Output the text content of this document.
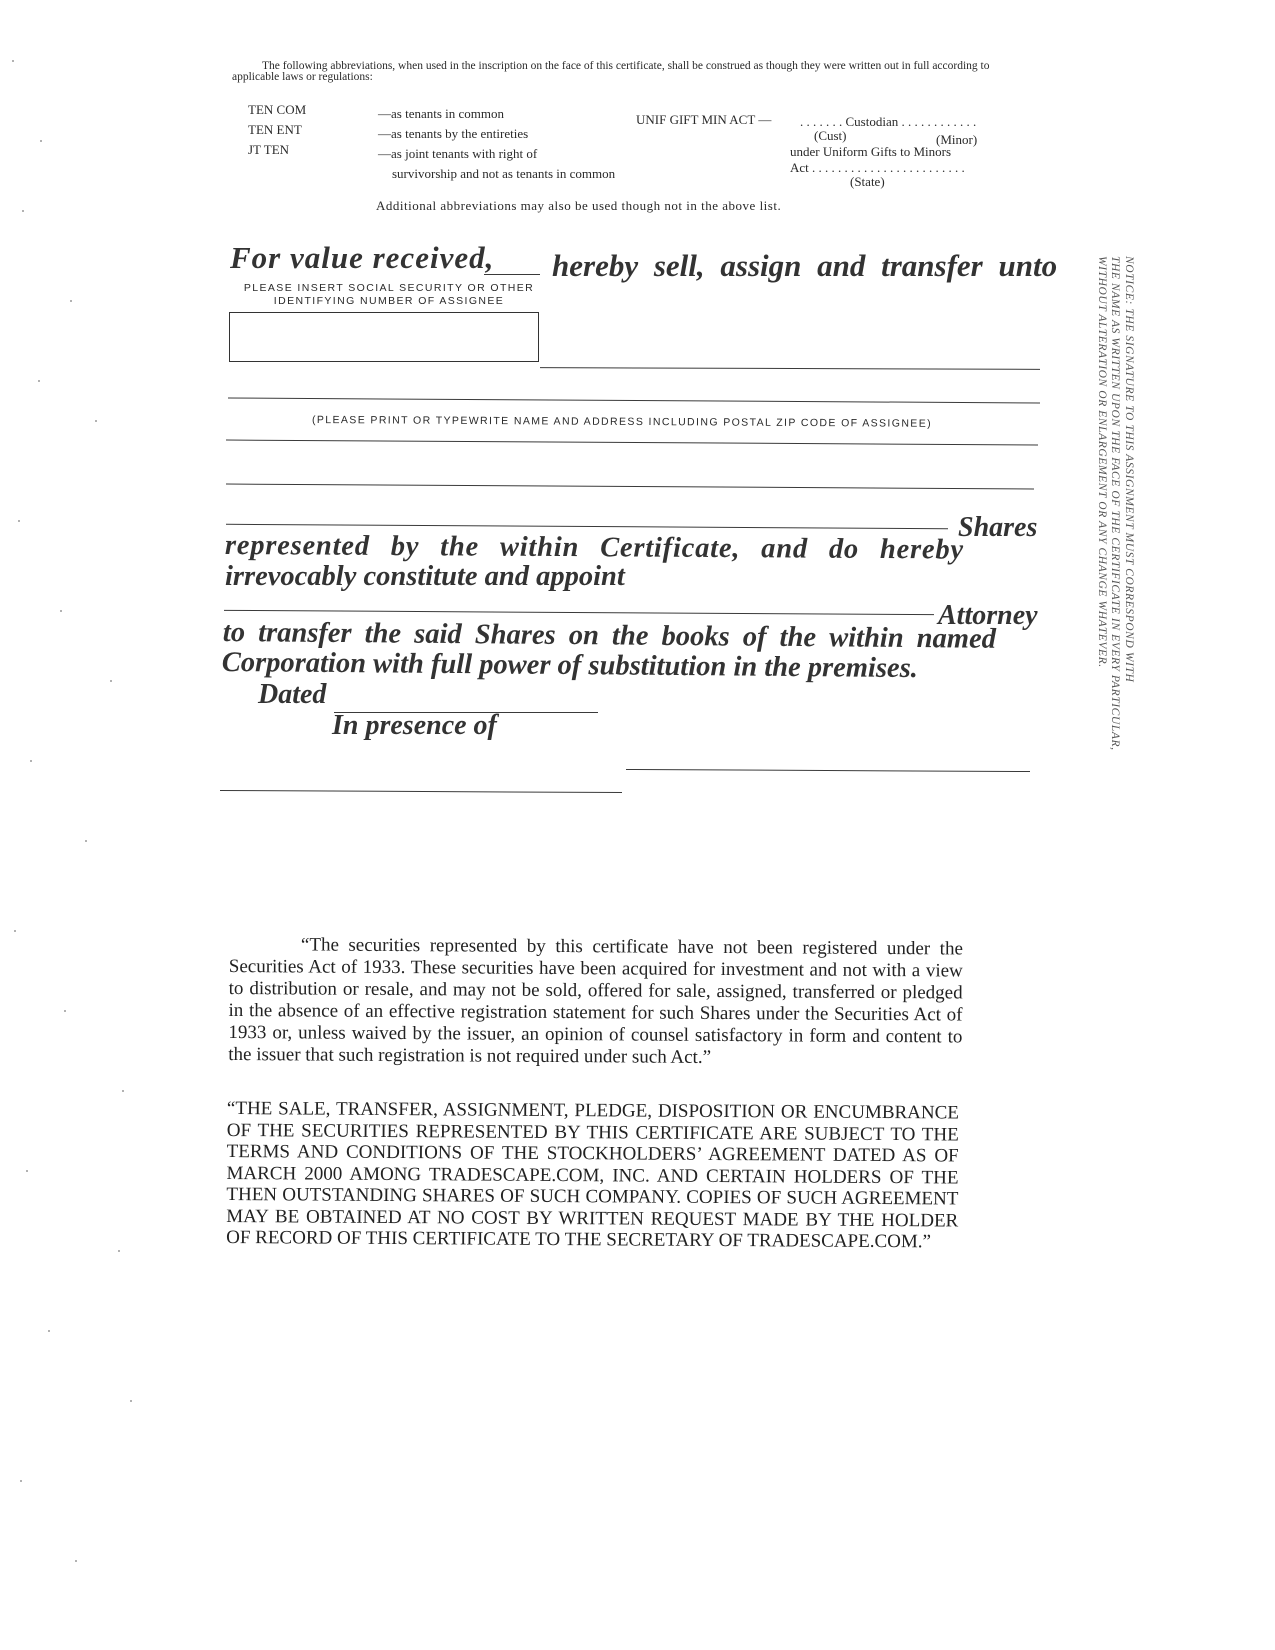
The following abbreviations, when used in the inscription on the face of this certificate, shall be construed as though they were written out in full according to
applicable laws or regulations:
TEN COM
TEN ENT
JT TEN
—as tenants in common
—as tenants by the entireties
—as joint tenants with right of
survivorship and not as tenants in common
UNIF GIFT MIN ACT — . . . . . . . Custodian . . . . . . . . . . . .
(Cust)	(Minor)
under Uniform Gifts to Minors
Act . . . . . . . . . . . . . . . . . . . . . . . .
(State)
Additional abbreviations may also be used though not in the above list.
For value received, hereby sell, assign and transfer unto
PLEASE INSERT SOCIAL SECURITY OR OTHER
IDENTIFYING NUMBER OF ASSIGNEE
(PLEASE PRINT OR TYPEWRITE NAME AND ADDRESS INCLUDING POSTAL ZIP CODE OF ASSIGNEE)
Shares
represented by the within Certificate, and do hereby
irrevocably constitute and appoint
Attorney
to transfer the said Shares on the books of the within named
Corporation with full power of substitution in the premises.
Dated
In presence of
NOTICE: THE SIGNATURE TO THIS ASSIGNMENT MUST CORRESPOND WITH
THE NAME AS WRITTEN UPON THE FACE OF THE CERTIFICATE IN EVERY PARTICULAR,
WITHOUT ALTERATION OR ENLARGEMENT OR ANY CHANGE WHATEVER.
“The securities represented by this certificate have not been registered under the Securities Act of 1933. These securities have been acquired for investment and not with a view to distribution or resale, and may not be sold, offered for sale, assigned, transferred or pledged in the absence of an effective registration statement for such Shares under the Securities Act of 1933 or, unless waived by the issuer, an opinion of counsel satisfactory in form and content to the issuer that such registration is not required under such Act.”
“THE SALE, TRANSFER, ASSIGNMENT, PLEDGE, DISPOSITION OR ENCUMBRANCE OF THE SECURITIES REPRESENTED BY THIS CERTIFICATE ARE SUBJECT TO THE TERMS AND CONDITIONS OF THE STOCKHOLDERS’ AGREEMENT DATED AS OF MARCH 2000 AMONG TRADESCAPE.COM, INC. AND CERTAIN HOLDERS OF THE THEN OUTSTANDING SHARES OF SUCH COMPANY. COPIES OF SUCH AGREEMENT MAY BE OBTAINED AT NO COST BY WRITTEN REQUEST MADE BY THE HOLDER OF RECORD OF THIS CERTIFICATE TO THE SECRETARY OF TRADESCAPE.COM.”
